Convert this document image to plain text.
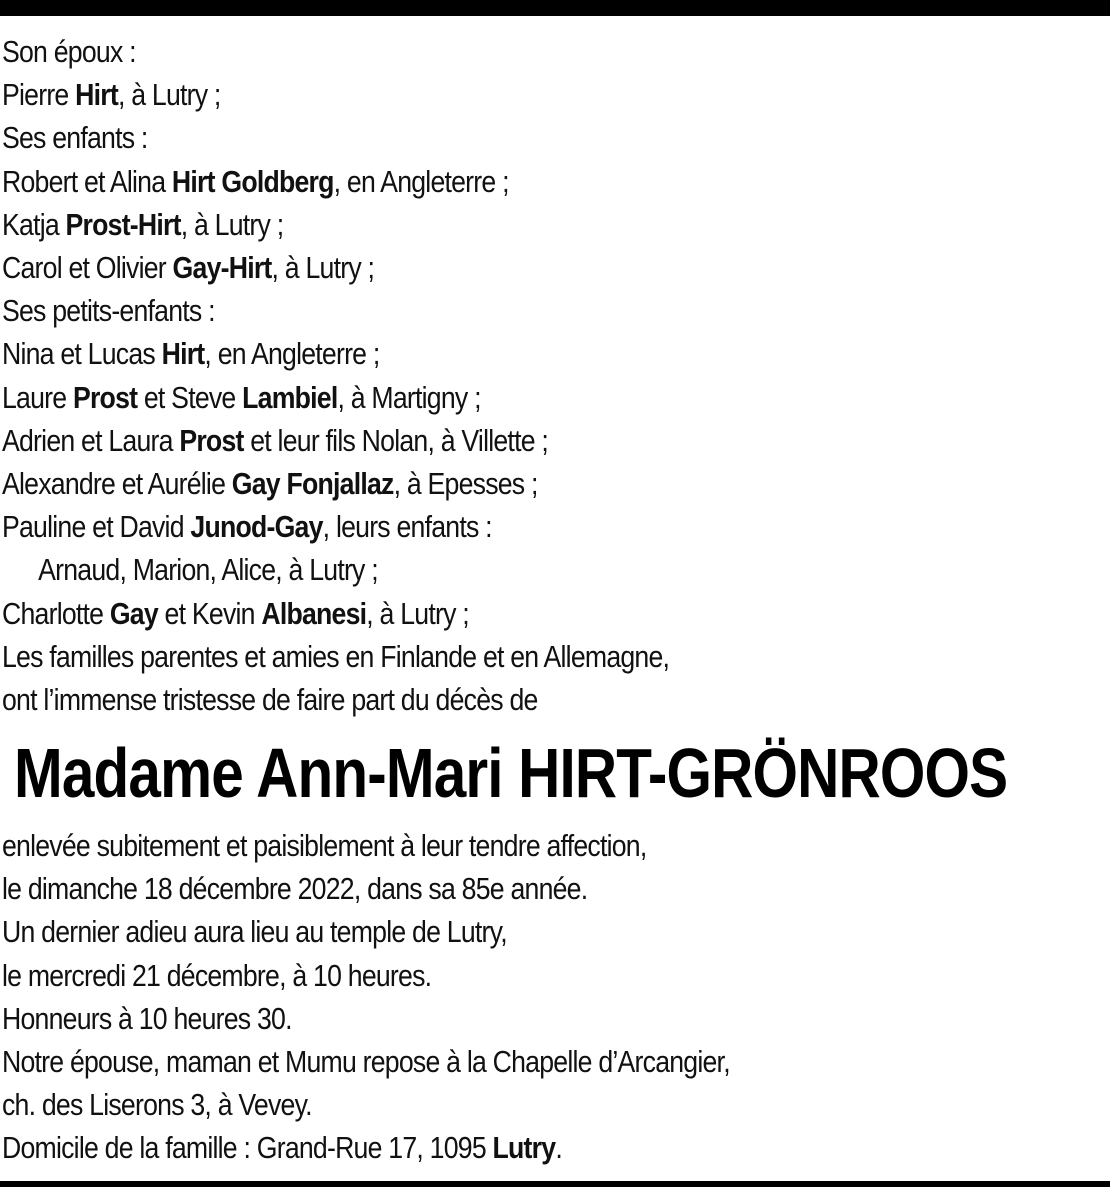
Son époux :
Pierre Hirt, à Lutry ;
Ses enfants :
Robert et Alina Hirt Goldberg, en Angleterre ;
Katja Prost-Hirt, à Lutry ;
Carol et Olivier Gay-Hirt, à Lutry ;
Ses petits-enfants :
Nina et Lucas Hirt, en Angleterre ;
Laure Prost et Steve Lambiel, à Martigny ;
Adrien et Laura Prost et leur fils Nolan, à Villette ;
Alexandre et Aurélie Gay Fonjallaz, à Epesses ;
Pauline et David Junod-Gay, leurs enfants :
Arnaud, Marion, Alice, à Lutry ;
Charlotte Gay et Kevin Albanesi, à Lutry ;
Les familles parentes et amies en Finlande et en Allemagne,
ont l’immense tristesse de faire part du décès de
Madame Ann-Mari HIRT-GRÖNROOS
enlevée subitement et paisiblement à leur tendre affection,
le dimanche 18 décembre 2022, dans sa 85e année.
Un dernier adieu aura lieu au temple de Lutry,
le mercredi 21 décembre, à 10 heures.
Honneurs à 10 heures 30.
Notre épouse, maman et Mumu repose à la Chapelle d’Arcangier,
ch. des Liserons 3, à Vevey.
Domicile de la famille : Grand-Rue 17, 1095 Lutry.
